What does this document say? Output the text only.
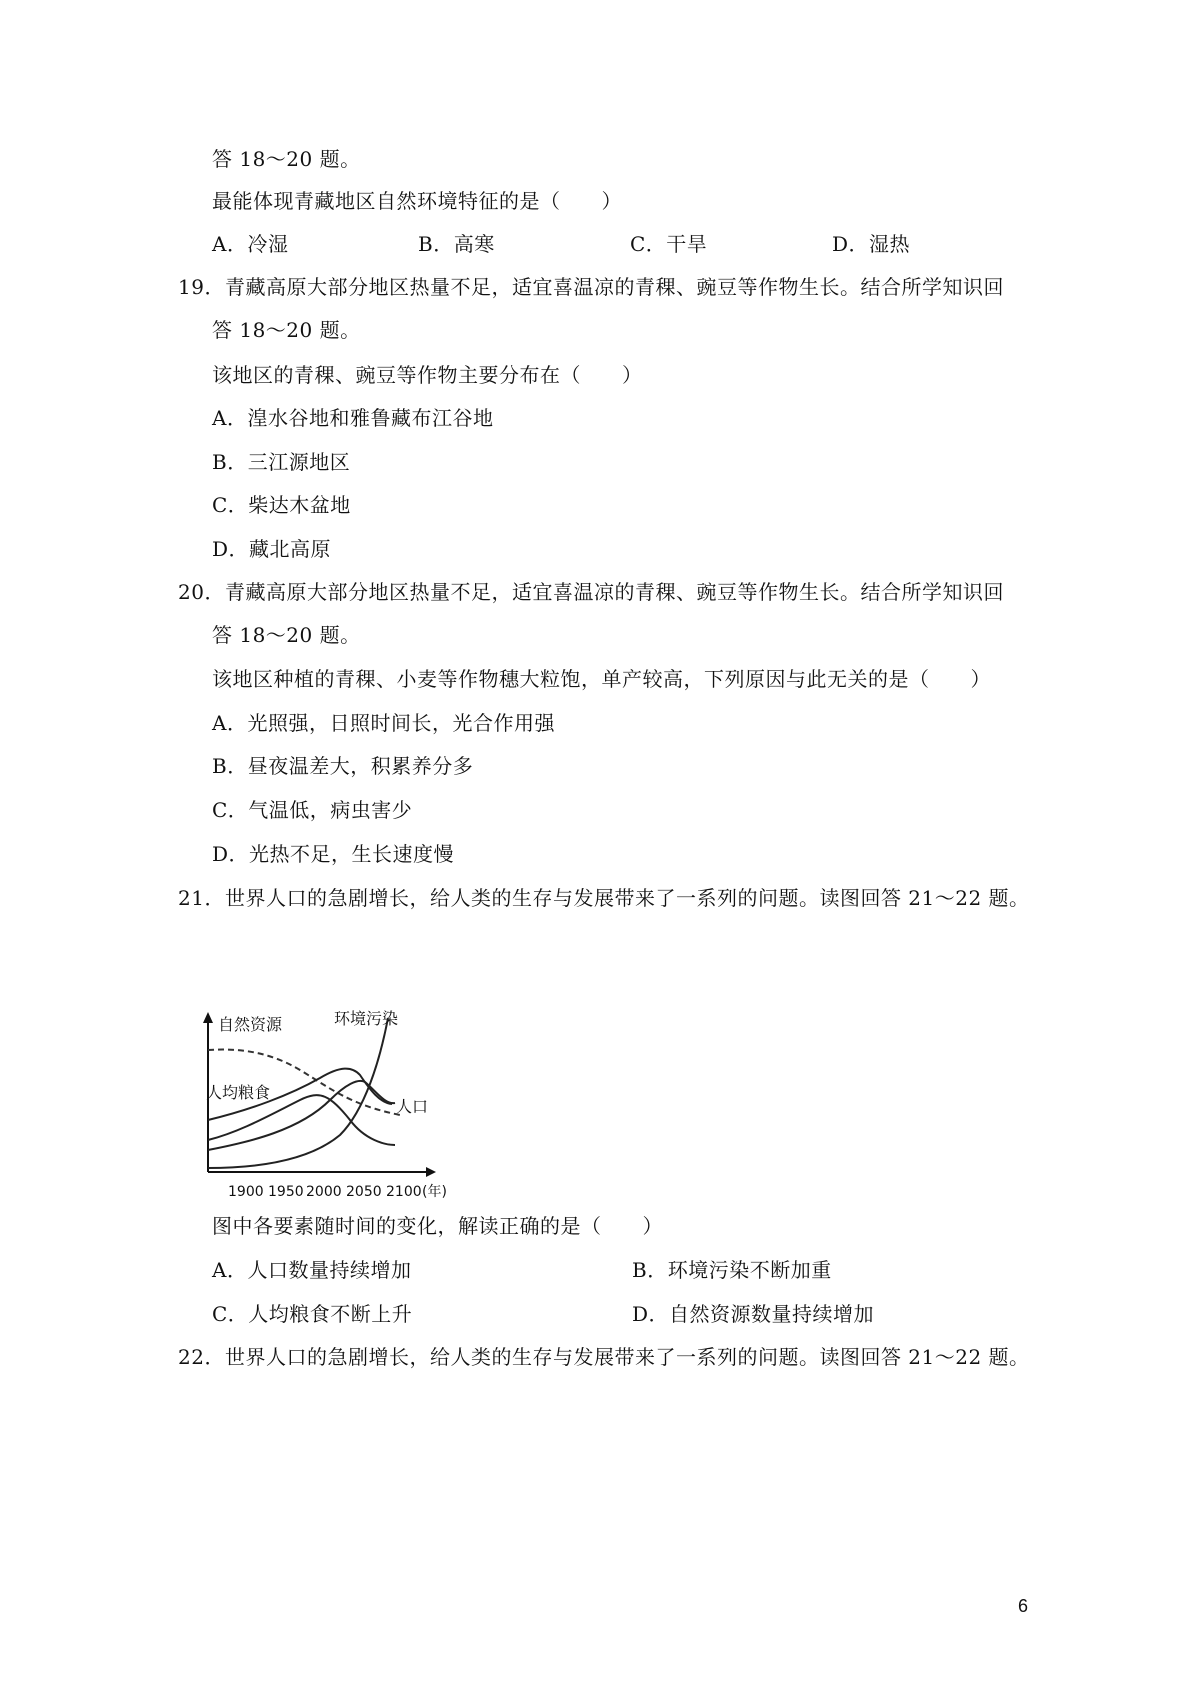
答 18～20 题。
最能体现青藏地区自然环境特征的是（　　）
A．冷湿	B．高寒	C．干旱	D．湿热
19．青藏高原大部分地区热量不足，适宜喜温凉的青稞、豌豆等作物生长。结合所学知识回
答 18～20 题。
该地区的青稞、豌豆等作物主要分布在（　　）
A．湟水谷地和雅鲁藏布江谷地
B．三江源地区
C．柴达木盆地
D．藏北高原
20．青藏高原大部分地区热量不足，适宜喜温凉的青稞、豌豆等作物生长。结合所学知识回
答 18～20 题。
该地区种植的青稞、小麦等作物穗大粒饱，单产较高，下列原因与此无关的是（　　）
A．光照强，日照时间长，光合作用强
B．昼夜温差大，积累养分多
C．气温低，病虫害少
D．光热不足，生长速度慢
21．世界人口的急剧增长，给人类的生存与发展带来了一系列的问题。读图回答 21～22 题。
自然资源	环境污染
人均粮食
人口
1900 1950 2000 2050 2100 (年)
图中各要素随时间的变化，解读正确的是（　　）
A．人口数量持续增加	B．环境污染不断加重
C．人均粮食不断上升	D．自然资源数量持续增加
22．世界人口的急剧增长，给人类的生存与发展带来了一系列的问题。读图回答 21～22 题。
6
